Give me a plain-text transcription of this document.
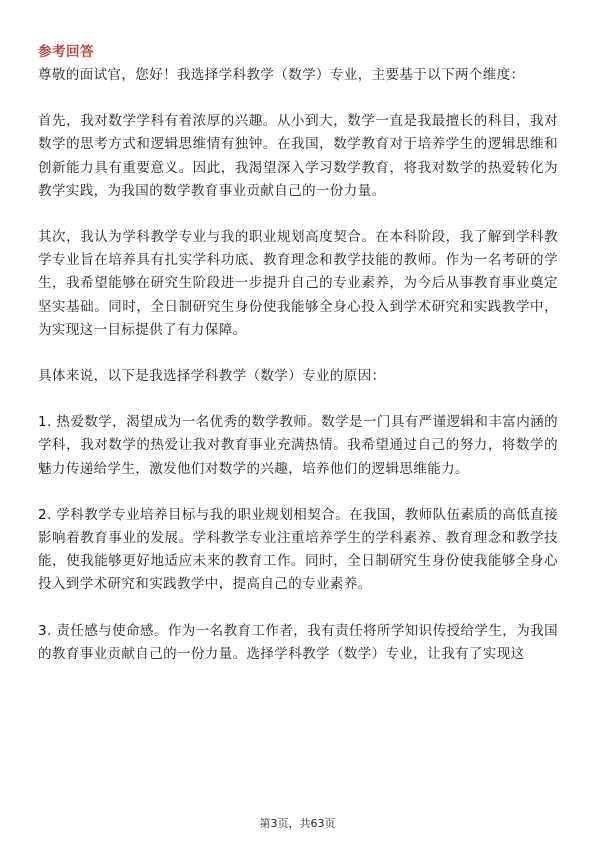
参考回答

尊敬的面试官，您好！我选择学科教学（数学）专业，主要基于以下两个维度：

首先，我对数学学科有着浓厚的兴趣。从小到大，数学一直是我最擅长的科目，我对数学的思考方式和逻辑思维情有独钟。在我国，数学教育对于培养学生的逻辑思维和创新能力具有重要意义。因此，我渴望深入学习数学教育，将我对数学的热爱转化为教学实践，为我国的数学教育事业贡献自己的一份力量。

其次，我认为学科教学专业与我的职业规划高度契合。在本科阶段，我了解到学科教学专业旨在培养具有扎实学科功底、教育理念和教学技能的教师。作为一名考研的学生，我希望能够在研究生阶段进一步提升自己的专业素养，为今后从事教育事业奠定坚实基础。同时，全日制研究生身份使我能够全身心投入到学术研究和实践教学中，为实现这一目标提供了有力保障。

具体来说，以下是我选择学科教学（数学）专业的原因：

1. 热爱数学，渴望成为一名优秀的数学教师。数学是一门具有严谨逻辑和丰富内涵的学科，我对数学的热爱让我对教育事业充满热情。我希望通过自己的努力，将数学的魅力传递给学生，激发他们对数学的兴趣，培养他们的逻辑思维能力。

2. 学科教学专业培养目标与我的职业规划相契合。在我国，教师队伍素质的高低直接影响着教育事业的发展。学科教学专业注重培养学生的学科素养、教育理念和教学技能，使我能够更好地适应未来的教育工作。同时，全日制研究生身份使我能够全身心投入到学术研究和实践教学中，提高自己的专业素养。

3. 责任感与使命感。作为一名教育工作者，我有责任将所学知识传授给学生，为我国的教育事业贡献自己的一份力量。选择学科教学（数学）专业，让我有了实现这

第3页，共63页
